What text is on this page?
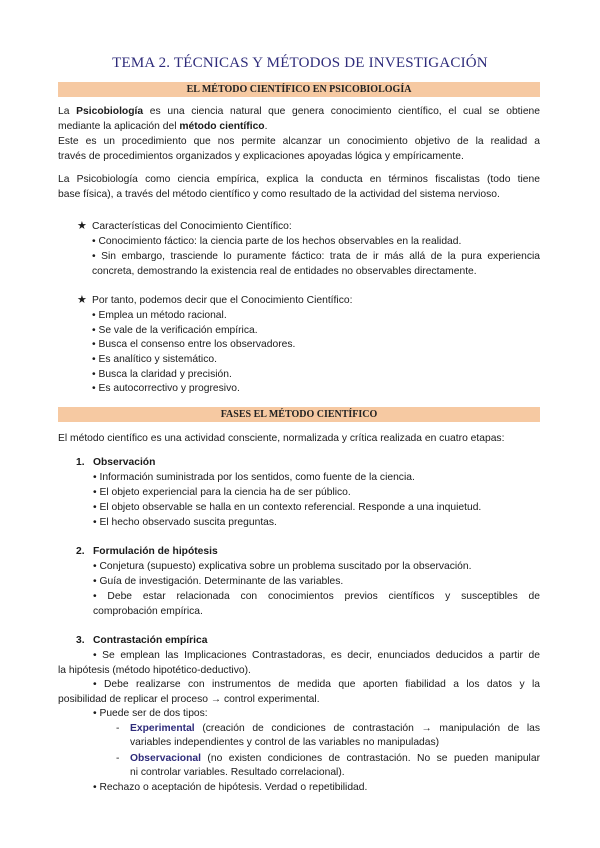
TEMA 2. TÉCNICAS Y MÉTODOS DE INVESTIGACIÓN
EL MÉTODO CIENTÍFICO EN PSICOBIOLOGÍA
La Psicobiología es una ciencia natural que genera conocimiento científico, el cual se obtiene
mediante la aplicación del método científico.
Este es un procedimiento que nos permite alcanzar un conocimiento objetivo de la realidad a
través de procedimientos organizados y explicaciones apoyadas lógica y empíricamente.
La Psicobiología como ciencia empírica, explica la conducta en términos fiscalistas (todo tiene
base física), a través del método científico y como resultado de la actividad del sistema nervioso.
★ Características del Conocimiento Científico:
• Conocimiento fáctico: la ciencia parte de los hechos observables en la realidad.
• Sin embargo, trasciende lo puramente fáctico: trata de ir más allá de la pura experiencia
concreta, demostrando la existencia real de entidades no observables directamente.
★ Por tanto, podemos decir que el Conocimiento Científico:
• Emplea un método racional.
• Se vale de la verificación empírica.
• Busca el consenso entre los observadores.
• Es analítico y sistemático.
• Busca la claridad y precisión.
• Es autocorrectivo y progresivo.
FASES EL MÉTODO CIENTÍFICO
El método científico es una actividad consciente, normalizada y crítica realizada en cuatro etapas:
1. Observación
• Información suministrada por los sentidos, como fuente de la ciencia.
• El objeto experiencial para la ciencia ha de ser público.
• El objeto observable se halla en un contexto referencial. Responde a una inquietud.
• El hecho observado suscita preguntas.
2. Formulación de hipótesis
• Conjetura (supuesto) explicativa sobre un problema suscitado por la observación.
• Guía de investigación. Determinante de las variables.
• Debe estar relacionada con conocimientos previos científicos y susceptibles de
comprobación empírica.
3. Contrastación empírica
• Se emplean las Implicaciones Contrastadoras, es decir, enunciados deducidos a partir de
la hipótesis (método hipotético-deductivo).
• Debe realizarse con instrumentos de medida que aporten fiabilidad a los datos y la
posibilidad de replicar el proceso → control experimental.
• Puede ser de dos tipos:
- Experimental (creación de condiciones de contrastación → manipulación de las
variables independientes y control de las variables no manipuladas)
- Observacional (no existen condiciones de contrastación. No se pueden manipular
ni controlar variables. Resultado correlacional).
• Rechazo o aceptación de hipótesis. Verdad o repetibilidad.
